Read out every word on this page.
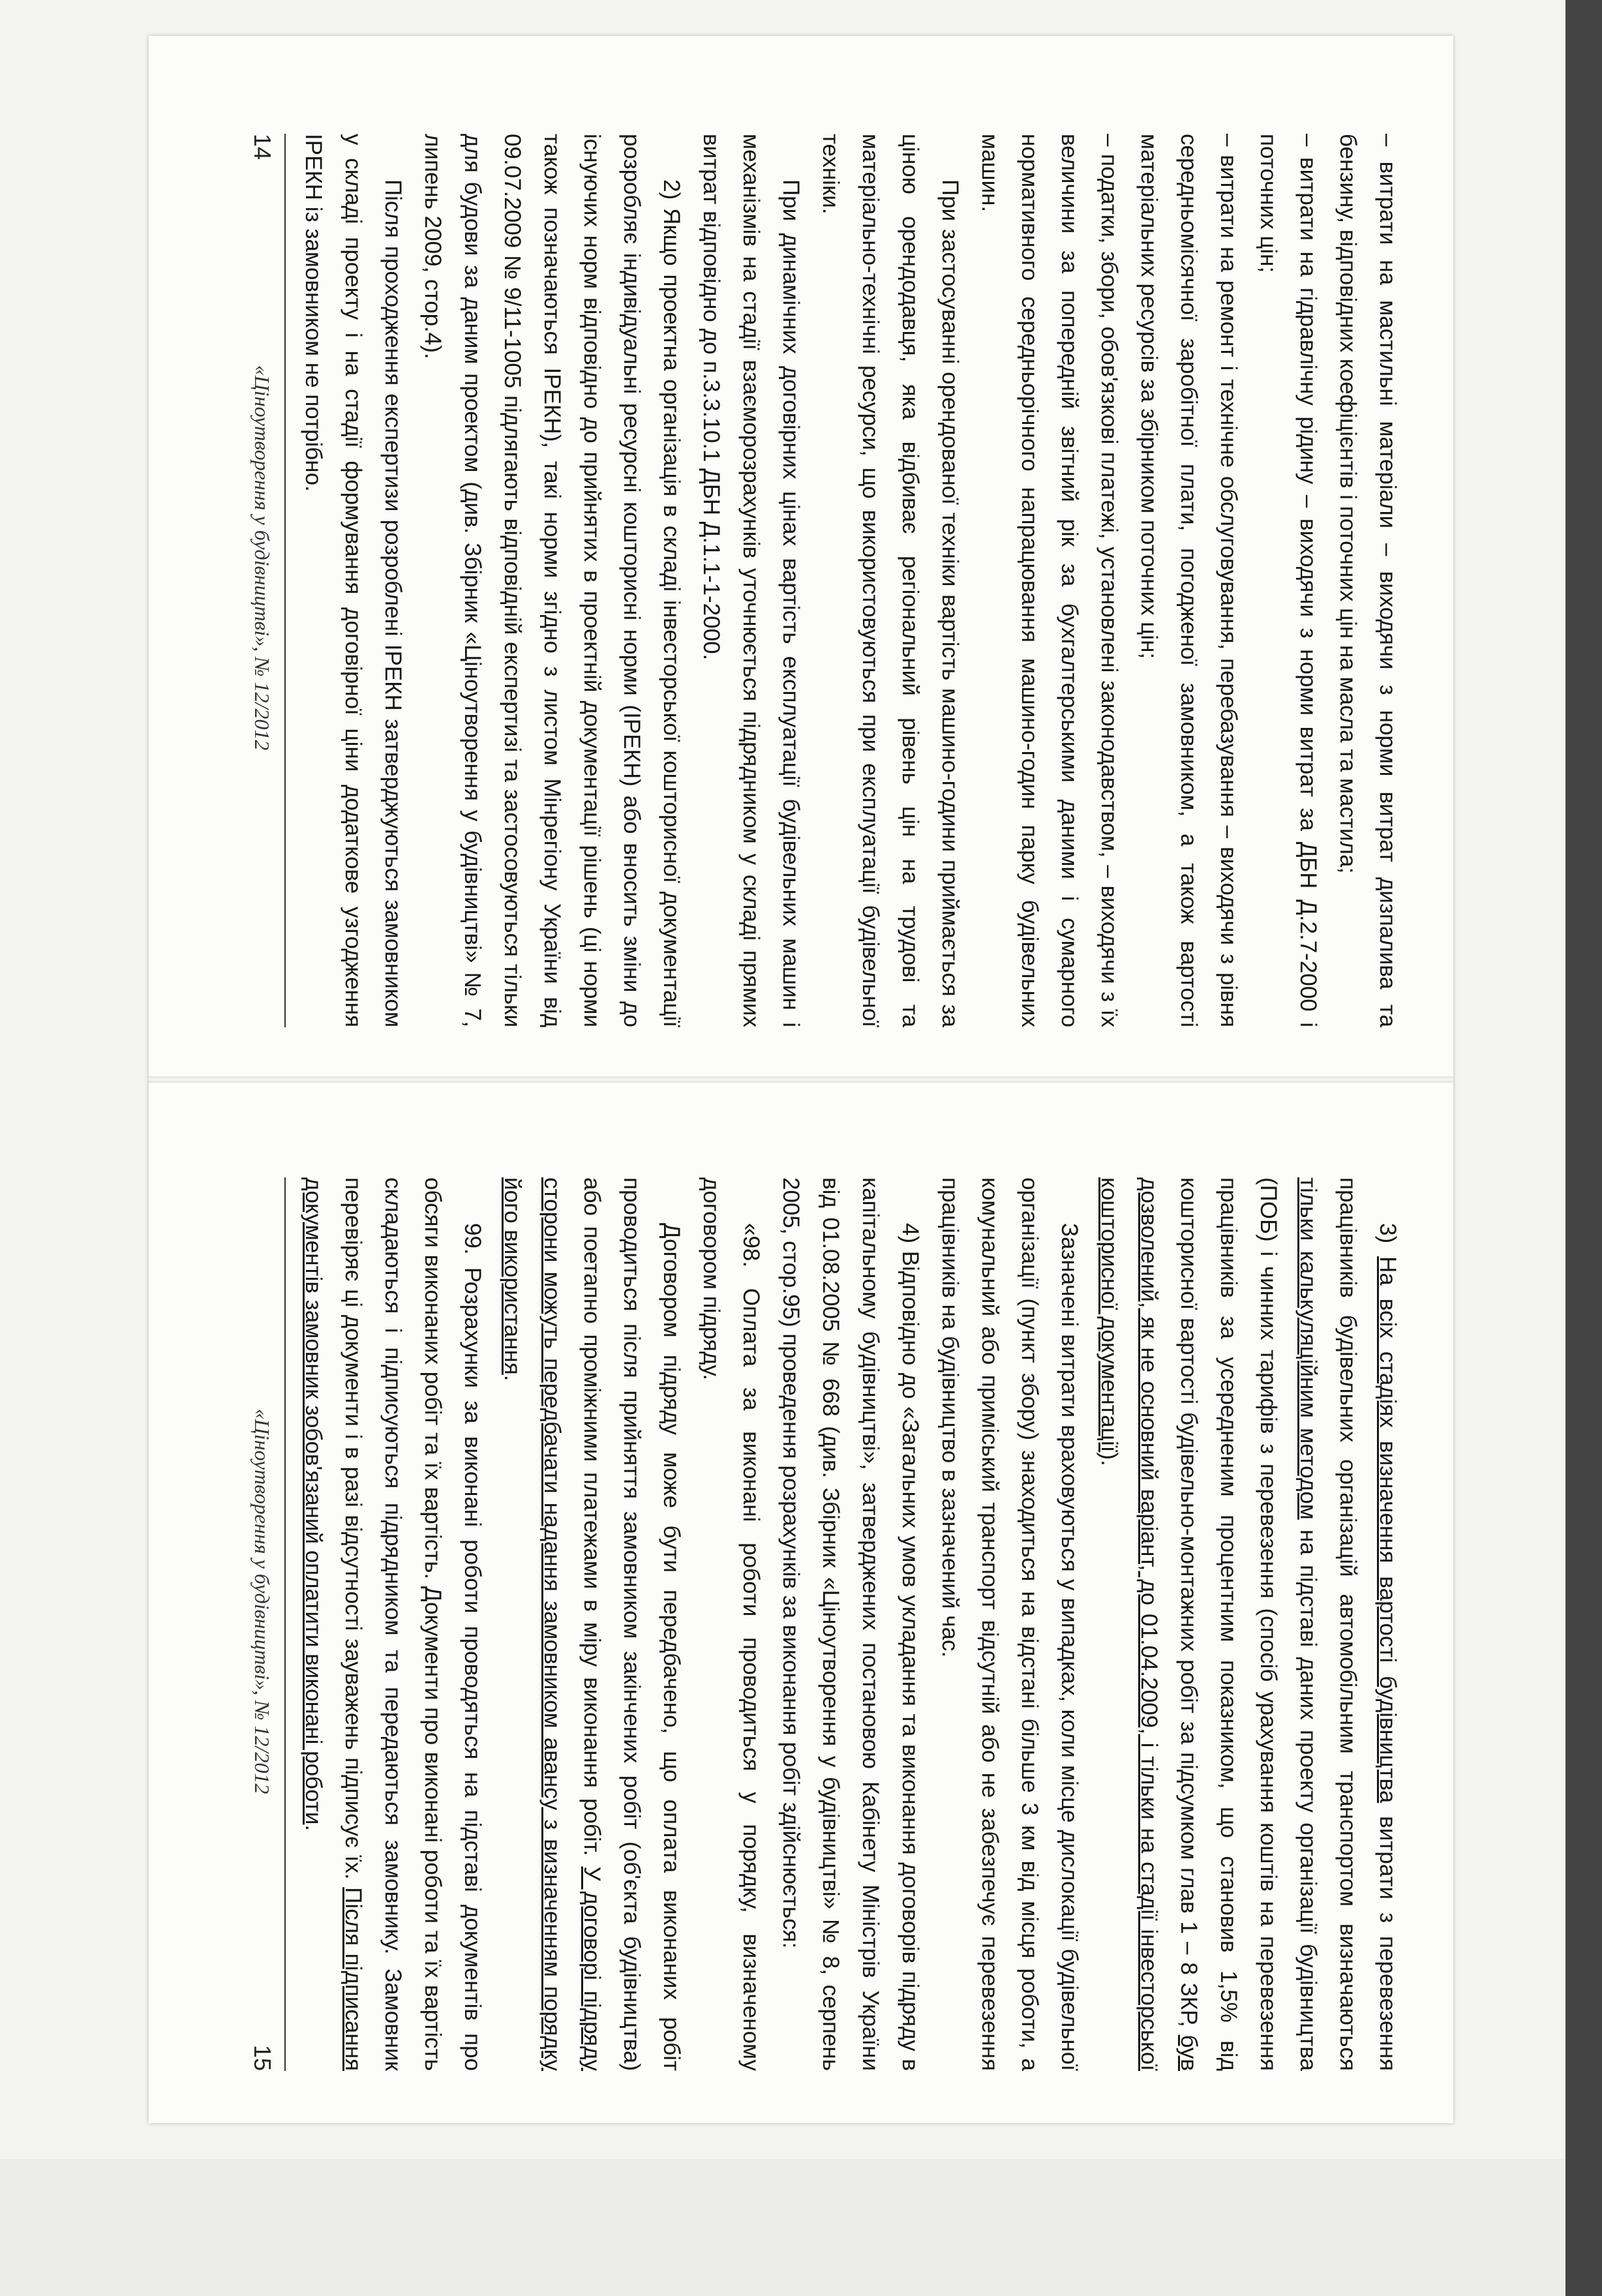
– витрати на мастильні матеріали – виходячи з норми витрат дизпалива та бензину, відповідних коефіцієнтів і поточних цін на масла та мастила;

– витрати на гідравлічну рідину – виходячи з норми витрат за ДБН Д.2.7-2000 і поточних цін;

– витрати на ремонт і технічне обслуговування, перебазування – виходячи з рівня середньомісячної заробітної плати, погодженої замовником, а також вартості матеріальних ресурсів за збірником поточних цін;

– податки, збори, обов'язкові платежі, установлені законодавством, – виходячи з їх величини за попередній звітний рік за бухгалтерськими даними і сумарного нормативного середньорічного напрацювання машино-годин парку будівельних машин.

При застосуванні орендованої техніки вартість машино-години приймається за ціною орендодавця, яка відбиває регіональний рівень цін на трудові та матеріально-технічні ресурси, що використовуються при експлуатації будівельної техніки.

При динамічних договірних цінах вартість експлуатації будівельних машин і механізмів на стадії взаєморозрахунків уточнюється підрядником у складі прямих витрат відповідно до п.3.3.10.1 ДБН Д.1.1-1-2000.

2) Якщо проектна організація в складі інвесторської кошторисної документації розробляє індивідуальні ресурсні кошторисні норми (ІРЕКН) або вносить зміни до існуючих норм відповідно до прийнятих в проектній документації рішень (ці норми також позначаються ІРЕКН), такі норми згідно з листом Мінрегіону України від 09.07.2009 № 9/11-1005 підлягають відповідній експертизі та застосовуються тільки для будови за даним проектом (див. Збірник «Ціноутворення у будівництві» № 7, липень 2009, стор.4).

Після проходження експертизи розроблені ІРЕКН затверджуються замовником у складі проекту і на стадії формування договірної ціни додаткове узгодження ІРЕКН із замовником не потрібно.

14
«Ціноутворення у будівництві», № 12/2012

3) На всіх стадіях визначення вартості будівництва витрати з перевезення працівників будівельних організацій автомобільним транспортом визначаються тільки калькуляційним методом на підставі даних проекту організації будівництва (ПОБ) і чинних тарифів з перевезення (спосіб урахування коштів на перевезення працівників за усередненим процентним показником, що становив 1,5% від кошторисної вартості будівельно-монтажних робіт за підсумком глав 1 – 8 ЗКР, був дозволений, як не основний варіант, до 01.04.2009, і тільки на стадії інвесторської кошторисної документації).

Зазначені витрати враховуються у випадках, коли місце дислокації будівельної організації (пункт збору) знаходиться на відстані більше 3 км від місця роботи, а комунальний або приміський транспорт відсутній або не забезпечує перевезення працівників на будівництво в зазначений час.

4) Відповідно до «Загальних умов укладання та виконання договорів підряду в капітальному будівництві», затверджених постановою Кабінету Міністрів України від 01.08.2005 № 668 (див. Збірник «Ціноутворення у будівництві» № 8, серпень 2005, стор.95) проведення розрахунків за виконання робіт здійснюється:

«98. Оплата за виконані роботи проводиться у порядку, визначеному договором підряду.

Договором підряду може бути передбачено, що оплата виконаних робіт проводиться після прийняття замовником закінчених робіт (об'єкта будівництва) або поетапно проміжними платежами в міру виконання робіт. У договорі підряду сторони можуть передбачати надання замовником авансу з визначенням порядку його використання.

99. Розрахунки за виконані роботи проводяться на підставі документів про обсяги виконаних робіт та їх вартість. Документи про виконані роботи та їх вартість складаються і підписуються підрядником та передаються замовнику. Замовник перевіряє ці документи і в разі відсутності зауважень підписує їх. Після підписання документів замовник зобов'язаний оплатити виконані роботи.

«Ціноутворення у будівництві», № 12/2012
15
